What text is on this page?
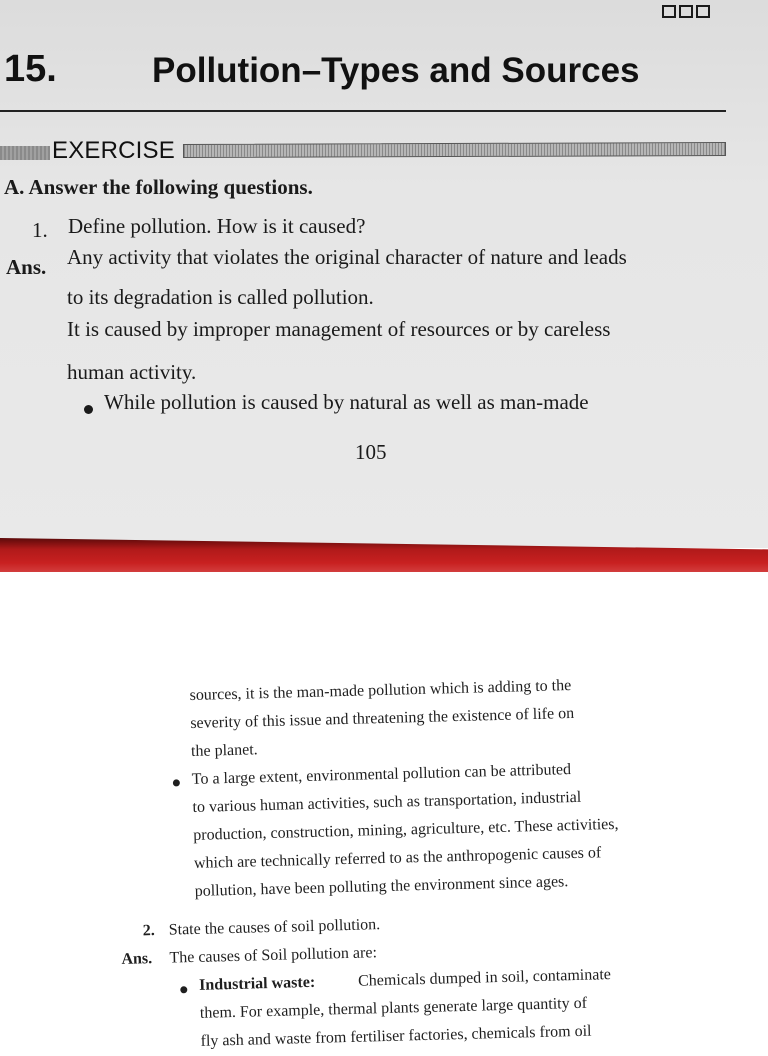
15.	Pollution–Types and Sources
EXERCISE
A. Answer the following questions.
1. Define pollution. How is it caused?
Ans. Any activity that violates the original character of nature and leads
to its degradation is called pollution.
It is caused by improper management of resources or by careless
human activity.
While pollution is caused by natural as well as man-made
105
sources, it is the man-made pollution which is adding to the
severity of this issue and threatening the existence of life on
the planet.
To a large extent, environmental pollution can be attributed
to various human activities, such as transportation, industrial
production, construction, mining, agriculture, etc. These activities,
which are technically referred to as the anthropogenic causes of
pollution, have been polluting the environment since ages.
2. State the causes of soil pollution.
Ans. The causes of Soil pollution are:
Industrial waste:	Chemicals dumped in soil, contaminate
them. For example, thermal plants generate large quantity of
fly ash and waste from fertiliser factories, chemicals from oil
